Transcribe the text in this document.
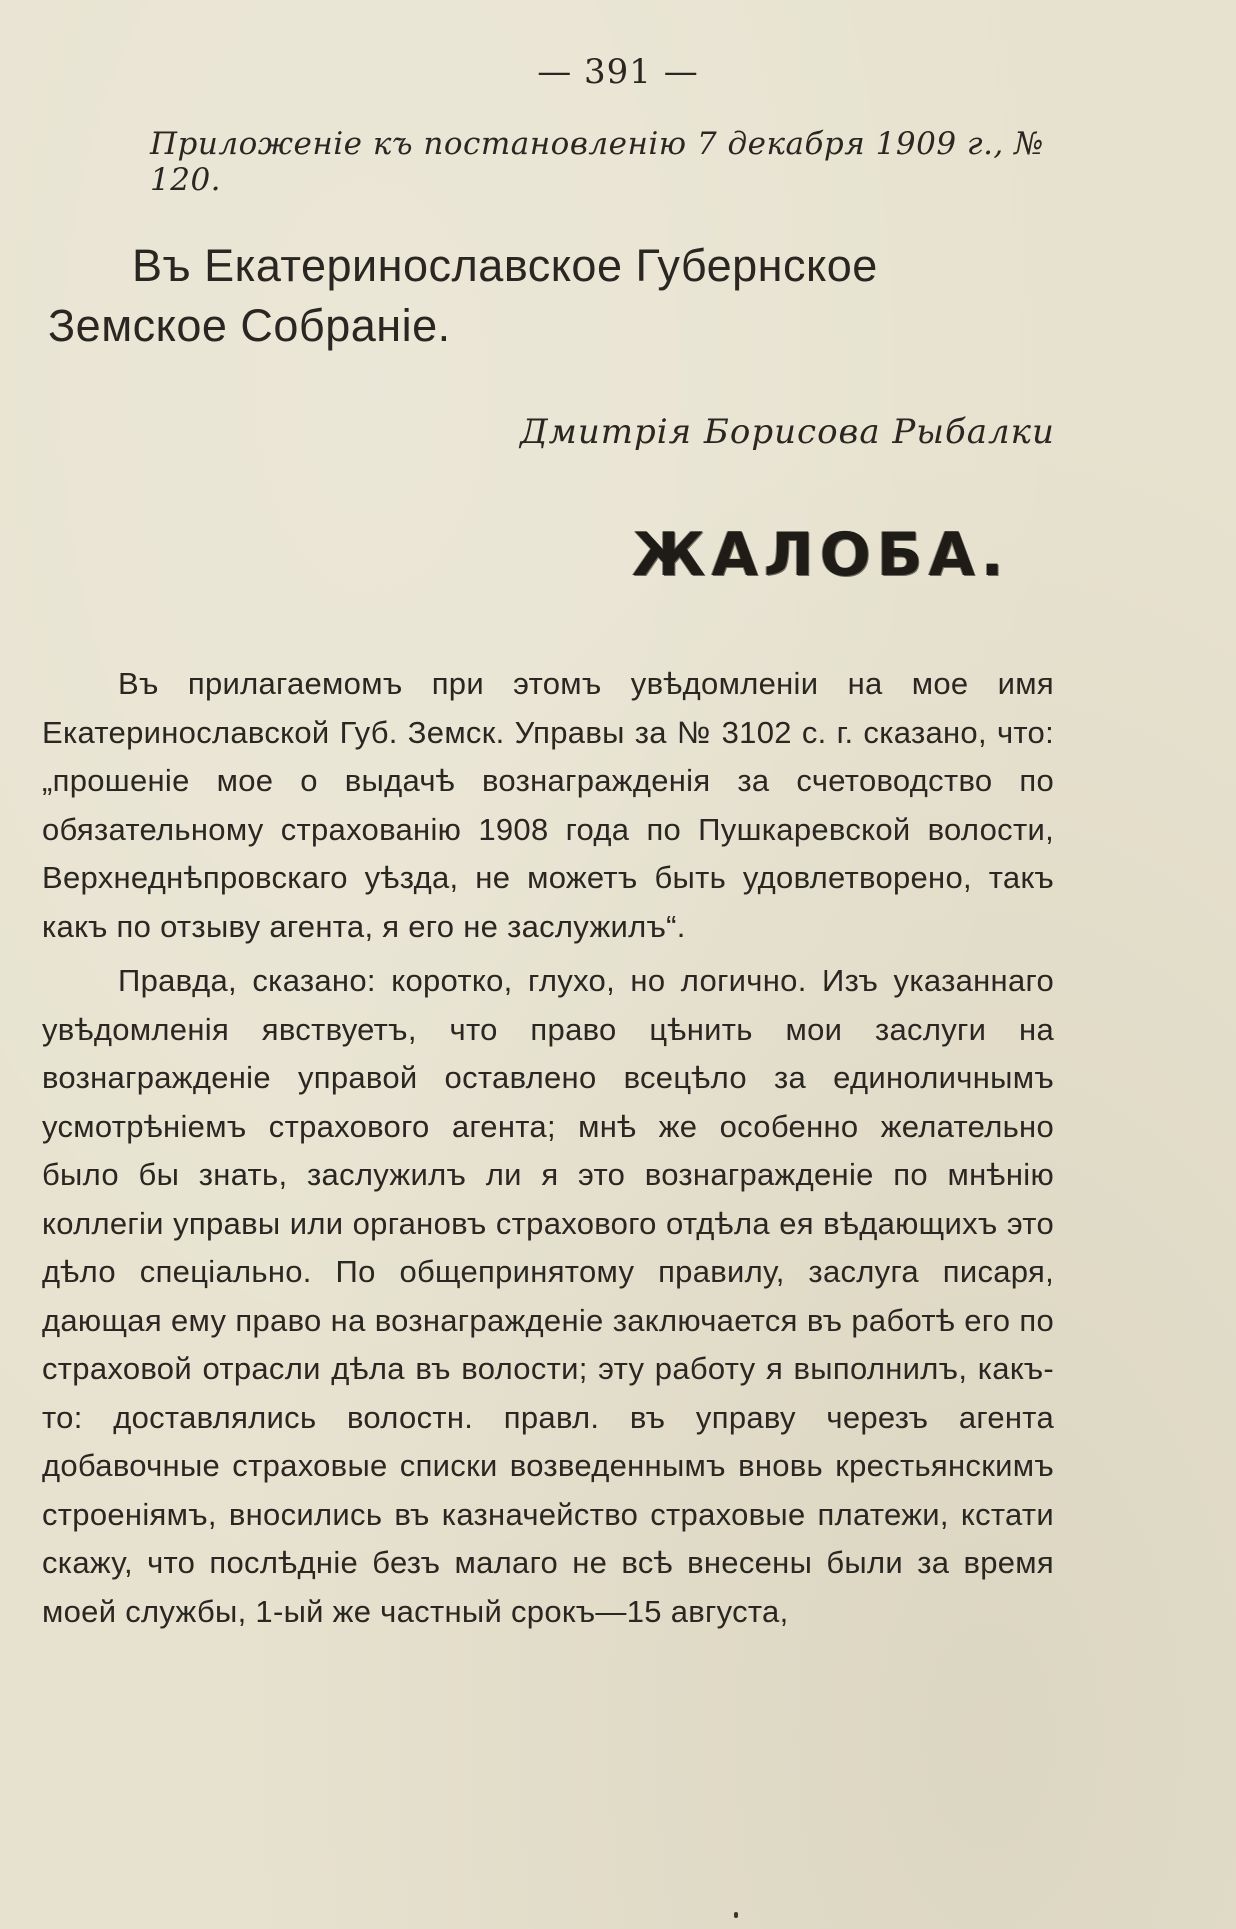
— 391 —
Приложеніе къ постановленію 7 декабря 1909 г., № 120.
Въ Екатеринославское Губернское Земское Собраніе.
Дмитрія Борисова Рыбалки
ЖАЛОБА.

Въ прилагаемомъ при этомъ увѣдомленіи на мое имя Екатеринославской Губ. Земск. Управы за № 3102 с. г. сказано, что: „прошеніе мое о выдачѣ вознагражденія за счетоводство по обязательному страхованію 1908 года по Пушкаревской волости, Верхнеднѣпровскаго уѣзда, не можетъ быть удовлетворено, такъ какъ по отзыву агента, я его не заслужилъ“.

Правда, сказано: коротко, глухо, но логично. Изъ указаннаго увѣдомленія явствуетъ, что право цѣнить мои заслуги на вознагражденіе управой оставлено всецѣло за единоличнымъ усмотрѣніемъ страхового агента; мнѣ же особенно желательно было бы знать, заслужилъ ли я это вознагражденіе по мнѣнію коллегіи управы или органовъ страхового отдѣла ея вѣдающихъ это дѣло спеціально. По общепринятому правилу, заслуга писаря, дающая ему право на вознагражденіе заключается въ работѣ его по страховой отрасли дѣла въ волости; эту работу я выполнилъ, какъ-то: доставлялись волостн. правл. въ управу черезъ агента добавочные страховые списки возведеннымъ вновь крестьянскимъ строеніямъ, вносились въ казначейство страховые платежи, кстати скажу, что послѣдніе безъ малаго не всѣ внесены были за время моей службы, 1-ый же частный срокъ—15 августа,
